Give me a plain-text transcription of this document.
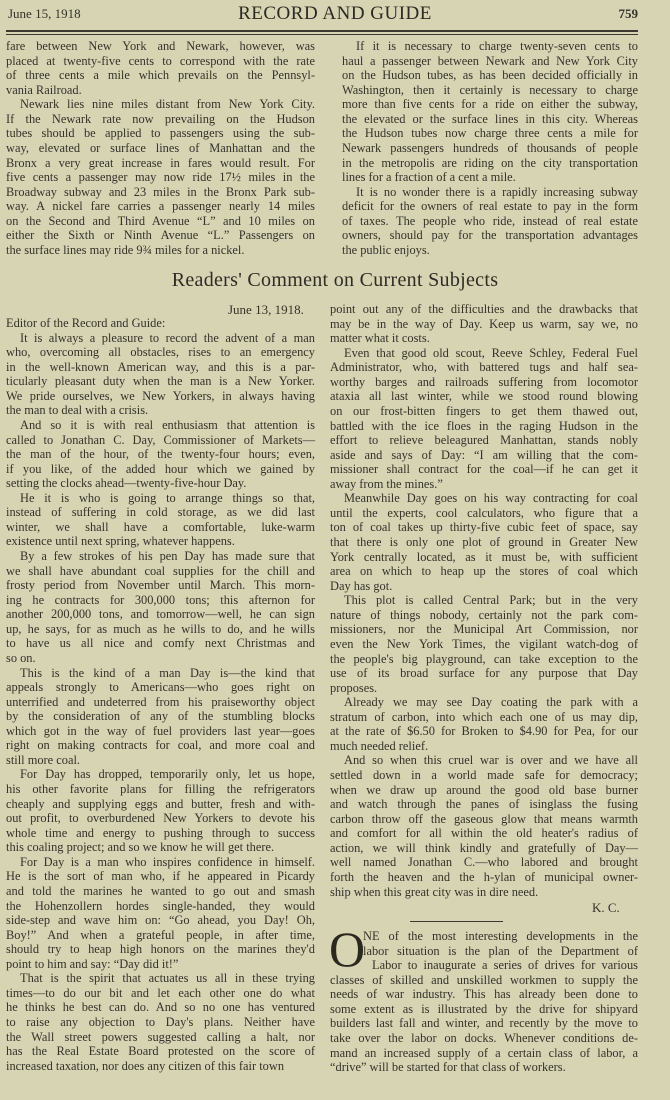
June 15, 1918	RECORD AND GUIDE	759
fare between New York and Newark, however, was
placed at twenty-five cents to correspond with the rate
of three cents a mile which prevails on the Pennsyl-
vania Railroad.
Newark lies nine miles distant from New York City.
If the Newark rate now prevailing on the Hudson
tubes should be applied to passengers using the sub-
way, elevated or surface lines of Manhattan and the
Bronx a very great increase in fares would result. For
five cents a passenger may now ride 17½ miles in the
Broadway subway and 23 miles in the Bronx Park sub-
way. A nickel fare carries a passenger nearly 14 miles
on the Second and Third Avenue “L” and 10 miles on
either the Sixth or Ninth Avenue “L.” Passengers on
the surface lines may ride 9¾ miles for a nickel.
If it is necessary to charge twenty-seven cents to
haul a passenger between Newark and New York City
on the Hudson tubes, as has been decided officially in
Washington, then it certainly is necessary to charge
more than five cents for a ride on either the subway,
the elevated or the surface lines in this city. Whereas
the Hudson tubes now charge three cents a mile for
Newark passengers hundreds of thousands of people
in the metropolis are riding on the city transportation
lines for a fraction of a cent a mile.
It is no wonder there is a rapidly increasing subway
deficit for the owners of real estate to pay in the form
of taxes. The people who ride, instead of real estate
owners, should pay for the transportation advantages
the public enjoys.
Readers' Comment on Current Subjects
June 13, 1918.
Editor of the Record and Guide:
It is always a pleasure to record the advent of a man
who, overcoming all obstacles, rises to an emergency
in the well-known American way, and this is a par-
ticularly pleasant duty when the man is a New Yorker.
We pride ourselves, we New Yorkers, in always having
the man to deal with a crisis.
And so it is with real enthusiasm that attention is
called to Jonathan C. Day, Commissioner of Markets—
the man of the hour, of the twenty-four hours; even,
if you like, of the added hour which we gained by
setting the clocks ahead—twenty-five-hour Day.
He it is who is going to arrange things so that,
instead of suffering in cold storage, as we did last
winter, we shall have a comfortable, luke-warm
existence until next spring, whatever happens.
By a few strokes of his pen Day has made sure that
we shall have abundant coal supplies for the chill and
frosty period from November until March. This morn-
ing he contracts for 300,000 tons; this afternon for
another 200,000 tons, and tomorrow—well, he can sign
up, he says, for as much as he wills to do, and he wills
to have us all nice and comfy next Christmas and
so on.
This is the kind of a man Day is—the kind that
appeals strongly to Americans—who goes right on
unterrified and undeterred from his praiseworthy object
by the consideration of any of the stumbling blocks
which got in the way of fuel providers last year—goes
right on making contracts for coal, and more coal and
still more coal.
For Day has dropped, temporarily only, let us hope,
his other favorite plans for filling the refrigerators
cheaply and supplying eggs and butter, fresh and with-
out profit, to overburdened New Yorkers to devote his
whole time and energy to pushing through to success
this coaling project; and so we know he will get there.
For Day is a man who inspires confidence in himself.
He is the sort of man who, if he appeared in Picardy
and told the marines he wanted to go out and smash
the Hohenzollern hordes single-handed, they would
side-step and wave him on: “Go ahead, you Day! Oh,
Boy!” And when a grateful people, in after time,
should try to heap high honors on the marines they'd
point to him and say: “Day did it!”
That is the spirit that actuates us all in these trying
times—to do our bit and let each other one do what
he thinks he best can do. And so no one has ventured
to raise any objection to Day's plans. Neither have
the Wall street powers suggested calling a halt, nor
has the Real Estate Board protested on the score of
increased taxation, nor does any citizen of this fair town
point out any of the difficulties and the drawbacks that
may be in the way of Day. Keep us warm, say we, no
matter what it costs.
Even that good old scout, Reeve Schley, Federal Fuel
Administrator, who, with battered tugs and half sea-
worthy barges and railroads suffering from locomotor
ataxia all last winter, while we stood round blowing
on our frost-bitten fingers to get them thawed out,
battled with the ice floes in the raging Hudson in the
effort to relieve beleagured Manhattan, stands nobly
aside and says of Day: “I am willing that the com-
missioner shall contract for the coal—if he can get it
away from the mines.”
Meanwhile Day goes on his way contracting for coal
until the experts, cool calculators, who figure that a
ton of coal takes up thirty-five cubic feet of space, say
that there is only one plot of ground in Greater New
York centrally located, as it must be, with sufficient
area on which to heap up the stores of coal which
Day has got.
This plot is called Central Park; but in the very
nature of things nobody, certainly not the park com-
missioners, nor the Municipal Art Commission, nor
even the New York Times, the vigilant watch-dog of
the people's big playground, can take exception to the
use of its broad surface for any purpose that Day
proposes.
Already we may see Day coating the park with a
stratum of carbon, into which each one of us may dip,
at the rate of $6.50 for Broken to $4.90 for Pea, for our
much needed relief.
And so when this cruel war is over and we have all
settled down in a world made safe for democracy;
when we draw up around the good old base burner
and watch through the panes of isinglass the fusing
carbon throw off the gaseous glow that means warmth
and comfort for all within the old heater's radius of
action, we will think kindly and gratefully of Day—
well named Jonathan C.—who labored and brought
forth the heaven and the h-ylan of municipal owner-
ship when this great city was in dire need.
K. C.
O
NE of the most interesting developments in the
labor situation is the plan of the Department of
Labor to inaugurate a series of drives for various
classes of skilled and unskilled workmen to supply the
needs of war industry. This has already been done to
some extent as is illustrated by the drive for shipyard
builders last fall and winter, and recently by the move to
take over the labor on docks. Whenever conditions de-
mand an increased supply of a certain class of labor, a
“drive” will be started for that class of workers.
